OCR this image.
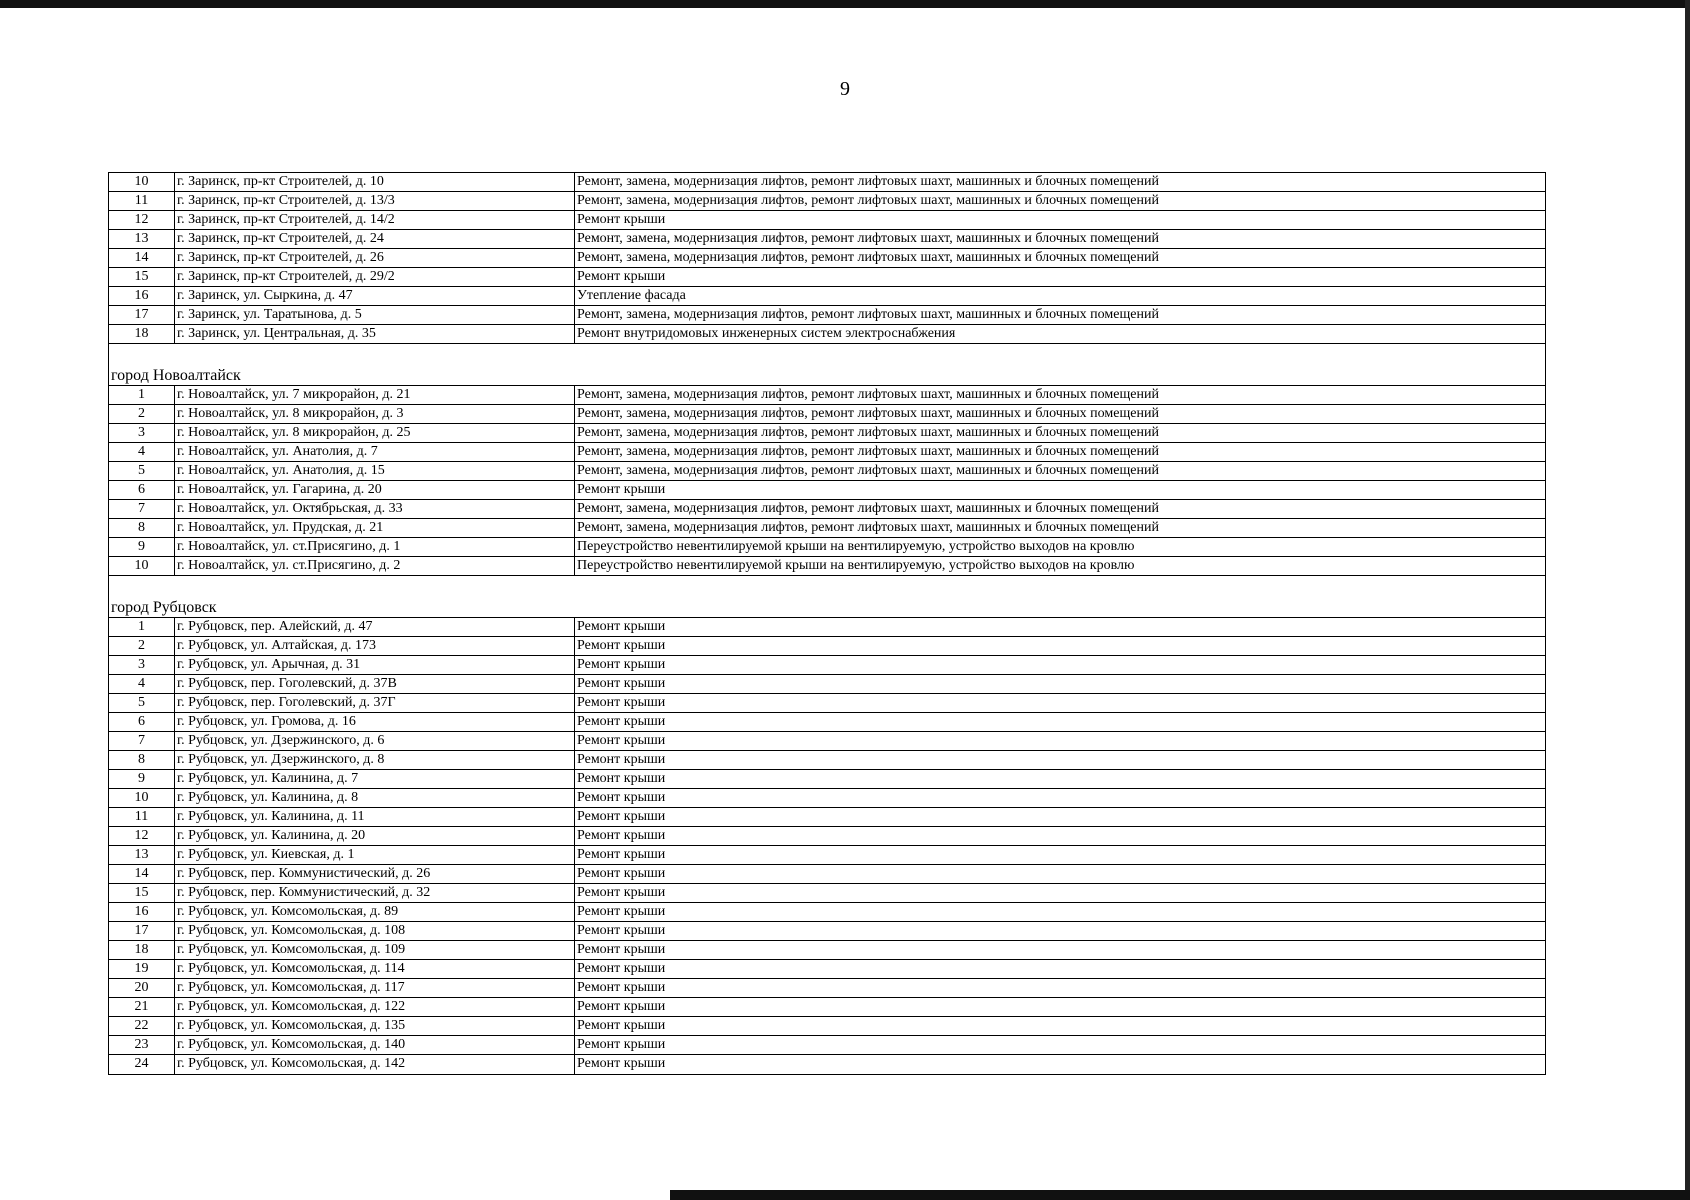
9
10	г. Заринск, пр-кт Строителей, д. 10	Ремонт, замена, модернизация лифтов, ремонт лифтовых шахт, машинных и блочных помещений
11	г. Заринск, пр-кт Строителей, д. 13/3	Ремонт, замена, модернизация лифтов, ремонт лифтовых шахт, машинных и блочных помещений
12	г. Заринск, пр-кт Строителей, д. 14/2	Ремонт крыши
13	г. Заринск, пр-кт Строителей, д. 24	Ремонт, замена, модернизация лифтов, ремонт лифтовых шахт, машинных и блочных помещений
14	г. Заринск, пр-кт Строителей, д. 26	Ремонт, замена, модернизация лифтов, ремонт лифтовых шахт, машинных и блочных помещений
15	г. Заринск, пр-кт Строителей, д. 29/2	Ремонт крыши
16	г. Заринск, ул. Сыркина, д. 47	Утепление фасада
17	г. Заринск, ул. Таратынова, д. 5	Ремонт, замена, модернизация лифтов, ремонт лифтовых шахт, машинных и блочных помещений
18	г. Заринск, ул. Центральная, д. 35	Ремонт внутридомовых инженерных систем электроснабжения
город Новоалтайск
1	г. Новоалтайск, ул. 7 микрорайон, д. 21	Ремонт, замена, модернизация лифтов, ремонт лифтовых шахт, машинных и блочных помещений
2	г. Новоалтайск, ул. 8 микрорайон, д. 3	Ремонт, замена, модернизация лифтов, ремонт лифтовых шахт, машинных и блочных помещений
3	г. Новоалтайск, ул. 8 микрорайон, д. 25	Ремонт, замена, модернизация лифтов, ремонт лифтовых шахт, машинных и блочных помещений
4	г. Новоалтайск, ул. Анатолия, д. 7	Ремонт, замена, модернизация лифтов, ремонт лифтовых шахт, машинных и блочных помещений
5	г. Новоалтайск, ул. Анатолия, д. 15	Ремонт, замена, модернизация лифтов, ремонт лифтовых шахт, машинных и блочных помещений
6	г. Новоалтайск, ул. Гагарина, д. 20	Ремонт крыши
7	г. Новоалтайск, ул. Октябрьская, д. 33	Ремонт, замена, модернизация лифтов, ремонт лифтовых шахт, машинных и блочных помещений
8	г. Новоалтайск, ул. Прудская, д. 21	Ремонт, замена, модернизация лифтов, ремонт лифтовых шахт, машинных и блочных помещений
9	г. Новоалтайск, ул. ст.Присягино, д. 1	Переустройство невентилируемой крыши на вентилируемую, устройство выходов на кровлю
10	г. Новоалтайск, ул. ст.Присягино, д. 2	Переустройство невентилируемой крыши на вентилируемую, устройство выходов на кровлю
город Рубцовск
1	г. Рубцовск, пер. Алейский, д. 47	Ремонт крыши
2	г. Рубцовск, ул. Алтайская, д. 173	Ремонт крыши
3	г. Рубцовск, ул. Арычная, д. 31	Ремонт крыши
4	г. Рубцовск, пер. Гоголевский, д. 37В	Ремонт крыши
5	г. Рубцовск, пер. Гоголевский, д. 37Г	Ремонт крыши
6	г. Рубцовск, ул. Громова, д. 16	Ремонт крыши
7	г. Рубцовск, ул. Дзержинского, д. 6	Ремонт крыши
8	г. Рубцовск, ул. Дзержинского, д. 8	Ремонт крыши
9	г. Рубцовск, ул. Калинина, д. 7	Ремонт крыши
10	г. Рубцовск, ул. Калинина, д. 8	Ремонт крыши
11	г. Рубцовск, ул. Калинина, д. 11	Ремонт крыши
12	г. Рубцовск, ул. Калинина, д. 20	Ремонт крыши
13	г. Рубцовск, ул. Киевская, д. 1	Ремонт крыши
14	г. Рубцовск, пер. Коммунистический, д. 26	Ремонт крыши
15	г. Рубцовск, пер. Коммунистический, д. 32	Ремонт крыши
16	г. Рубцовск, ул. Комсомольская, д. 89	Ремонт крыши
17	г. Рубцовск, ул. Комсомольская, д. 108	Ремонт крыши
18	г. Рубцовск, ул. Комсомольская, д. 109	Ремонт крыши
19	г. Рубцовск, ул. Комсомольская, д. 114	Ремонт крыши
20	г. Рубцовск, ул. Комсомольская, д. 117	Ремонт крыши
21	г. Рубцовск, ул. Комсомольская, д. 122	Ремонт крыши
22	г. Рубцовск, ул. Комсомольская, д. 135	Ремонт крыши
23	г. Рубцовск, ул. Комсомольская, д. 140	Ремонт крыши
24	г. Рубцовск, ул. Комсомольская, д. 142	Ремонт крыши
